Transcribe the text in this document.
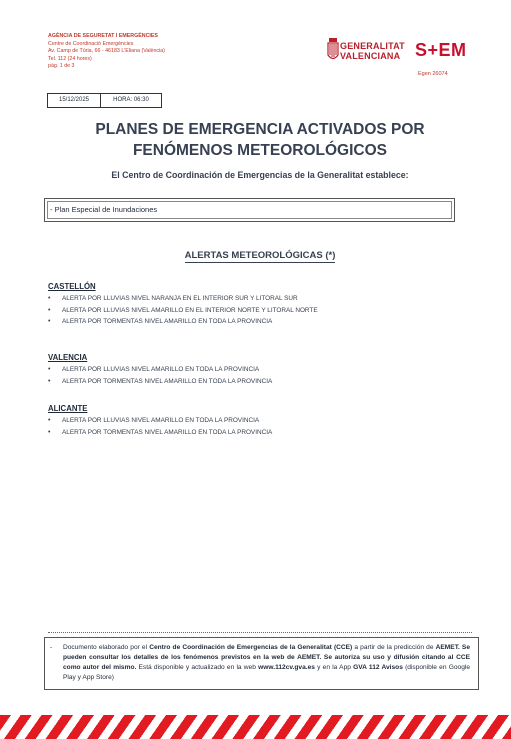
AGÈNCIA DE SEGURETAT I EMERGÈNCIES
Centre de Coordinació Emergències
Av. Camp de Túria, 66 - 46183 L'Eliana (València)
Tel. 112 (24 hores)
pàg. 1 de 3
GENERALITAT
VALENCIANA S+EM
Egen 26074
15/12/2025	HORA: 06:30
PLANES DE EMERGENCIA ACTIVADOS POR
FENÓMENOS METEOROLÓGICOS
El Centro de Coordinación de Emergencias de la Generalitat establece:
- Plan Especial de Inundaciones
ALERTAS METEOROLÓGICAS (*)
CASTELLÓN
• ALERTA POR LLUVIAS NIVEL NARANJA EN EL INTERIOR SUR Y LITORAL SUR
• ALERTA POR LLUVIAS NIVEL AMARILLO EN EL INTERIOR NORTE Y LITORAL NORTE
• ALERTA POR TORMENTAS NIVEL AMARILLO EN TODA LA PROVINCIA
VALENCIA
• ALERTA POR LLUVIAS NIVEL AMARILLO EN TODA LA PROVINCIA
• ALERTA POR TORMENTAS NIVEL AMARILLO EN TODA LA PROVINCIA
ALICANTE
• ALERTA POR LLUVIAS NIVEL AMARILLO EN TODA LA PROVINCIA
• ALERTA POR TORMENTAS NIVEL AMARILLO EN TODA LA PROVINCIA
- Documento elaborado por el Centro de Coordinación de Emergencias de la Generalitat (CCE) a partir de la predicción de AEMET. Se pueden consultar los detalles de los fenómenos previstos en la web de AEMET. Se autoriza su uso y difusión citando al CCE como autor del mismo. Está disponible y actualizado en la web www.112cv.gva.es y en la App GVA 112 Avisos (disponible en Google Play y App Store)
